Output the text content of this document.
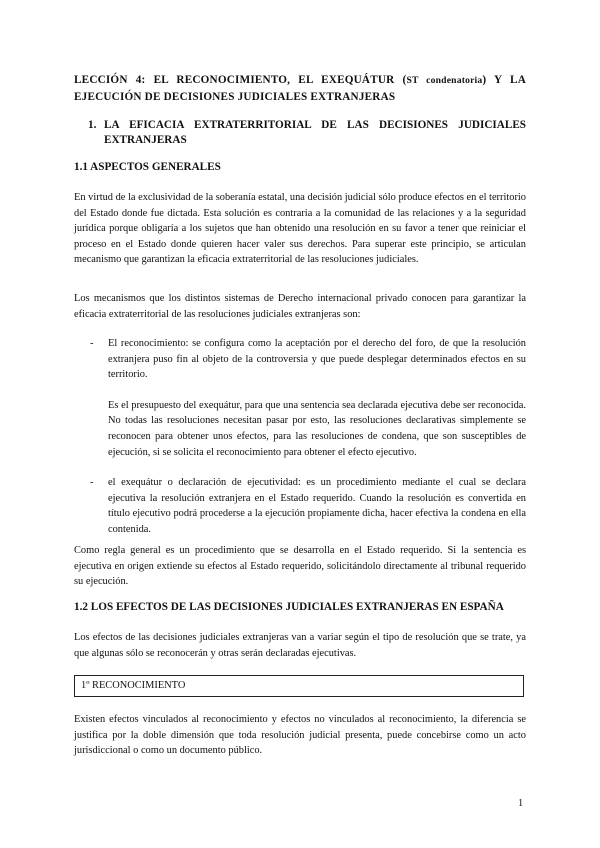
LECCIÓN 4: EL RECONOCIMIENTO, EL EXEQUÁTUR (ST condenatoria) Y LA EJECUCIÓN DE DECISIONES JUDICIALES EXTRANJERAS
1. LA EFICACIA EXTRATERRITORIAL DE LAS DECISIONES JUDICIALES EXTRANJERAS
1.1 ASPECTOS GENERALES
En virtud de la exclusividad de la soberanía estatal, una decisión judicial sólo produce efectos en el territorio del Estado donde fue dictada. Esta solución es contraria a la comunidad de las relaciones y a la seguridad jurídica porque obligaría a los sujetos que han obtenido una resolución en su favor a tener que reiniciar el proceso en el Estado donde quieren hacer valer sus derechos. Para superar este principio, se articulan mecanismo que garantizan la eficacia extraterritorial de las resoluciones judiciales.
Los mecanismos que los distintos sistemas de Derecho internacional privado conocen para garantizar la eficacia extraterritorial de las resoluciones judiciales extranjeras son:
- El reconocimiento: se configura como la aceptación por el derecho del foro, de que la resolución extranjera puso fin al objeto de la controversia y que puede desplegar determinados efectos en su territorio.
Es el presupuesto del exequátur, para que una sentencia sea declarada ejecutiva debe ser reconocida. No todas las resoluciones necesitan pasar por esto, las resoluciones declarativas simplemente se reconocen para obtener unos efectos, para las resoluciones de condena, que son susceptibles de ejecución, si se solicita el reconocimiento para obtener el efecto ejecutivo.
- el exequátur o declaración de ejecutividad: es un procedimiento mediante el cual se declara ejecutiva la resolución extranjera en el Estado requerido. Cuando la resolución es convertida en título ejecutivo podrá procederse a la ejecución propiamente dicha, hacer efectiva la condena en ella contenida.
Como regla general es un procedimiento que se desarrolla en el Estado requerido. Si la sentencia es ejecutiva en origen extiende su efectos al Estado requerido, solicitándolo directamente al tribunal requerido su ejecución.
1.2 LOS EFECTOS DE LAS DECISIONES JUDICIALES EXTRANJERAS EN ESPAÑA
Los efectos de las decisiones judiciales extranjeras van a variar según el tipo de resolución que se trate, ya que algunas sólo se reconocerán y otras serán declaradas ejecutivas.
1º RECONOCIMIENTO
Existen efectos vinculados al reconocimiento y efectos no vinculados al reconocimiento, la diferencia se justifica por la doble dimensión que toda resolución judicial presenta, puede concebirse como un acto jurisdiccional o como un documento público.
1
